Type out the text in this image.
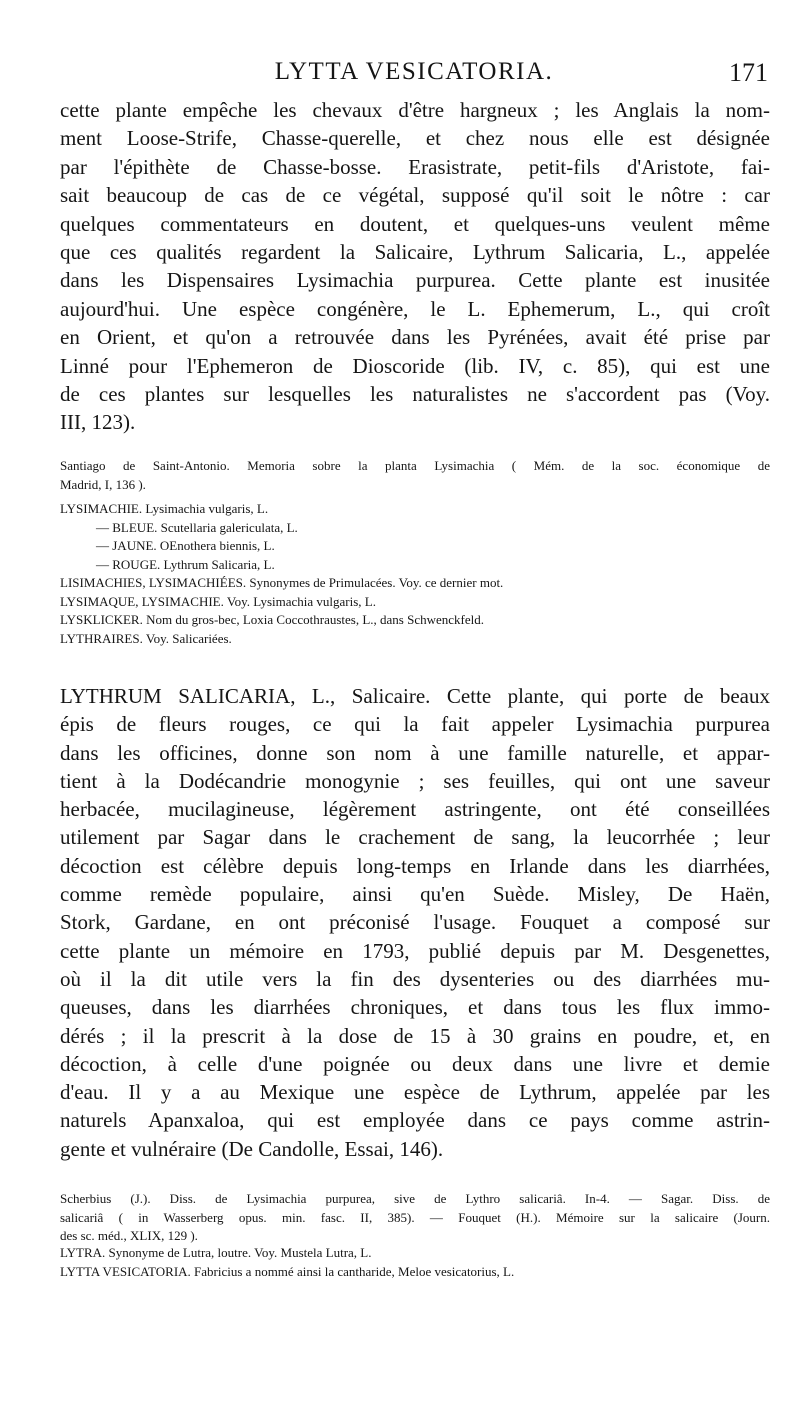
LYTTA VESICATORIA.	171
cette plante empêche les chevaux d'être hargneux ; les Anglais la nom-
ment Loose-Strife, Chasse-querelle, et chez nous elle est désignée
par l'épithète de Chasse-bosse. Erasistrate, petit-fils d'Aristote, fai-
sait beaucoup de cas de ce végétal, supposé qu'il soit le nôtre : car
quelques commentateurs en doutent, et quelques-uns veulent même
que ces qualités regardent la Salicaire, Lythrum Salicaria, L., appelée
dans les Dispensaires Lysimachia purpurea. Cette plante est inusitée
aujourd'hui. Une espèce congénère, le L. Ephemerum, L., qui croît
en Orient, et qu'on a retrouvée dans les Pyrénées, avait été prise par
Linné pour l'Ephemeron de Dioscoride (lib. IV, c. 85), qui est une
de ces plantes sur lesquelles les naturalistes ne s'accordent pas (Voy.
III, 123).
Santiago de Saint-Antonio. Memoria sobre la planta Lysimachia ( Mém. de la soc. économique de
Madrid, I, 136 ).
LYSIMACHIE. Lysimachia vulgaris, L.
— BLEUE. Scutellaria galericulata, L.
— JAUNE. OEnothera biennis, L.
— ROUGE. Lythrum Salicaria, L.
LISIMACHIES, LYSIMACHIÉES. Synonymes de Primulacées. Voy. ce dernier mot.
LYSIMAQUE, LYSIMACHIE. Voy. Lysimachia vulgaris, L.
LYSKLICKER. Nom du gros-bec, Loxia Coccothraustes, L., dans Schwenckfeld.
LYTHRAIRES. Voy. Salicariées.
LYTHRUM SALICARIA, L., Salicaire. Cette plante, qui porte de beaux
épis de fleurs rouges, ce qui la fait appeler Lysimachia purpurea
dans les officines, donne son nom à une famille naturelle, et appar-
tient à la Dodécandrie monogynie ; ses feuilles, qui ont une saveur
herbacée, mucilagineuse, légèrement astringente, ont été conseillées
utilement par Sagar dans le crachement de sang, la leucorrhée ; leur
décoction est célèbre depuis long-temps en Irlande dans les diarrhées,
comme remède populaire, ainsi qu'en Suède. Misley, De Haën,
Stork, Gardane, en ont préconisé l'usage. Fouquet a composé sur
cette plante un mémoire en 1793, publié depuis par M. Desgenettes,
où il la dit utile vers la fin des dysenteries ou des diarrhées mu-
queuses, dans les diarrhées chroniques, et dans tous les flux immo-
dérés ; il la prescrit à la dose de 15 à 30 grains en poudre, et, en
décoction, à celle d'une poignée ou deux dans une livre et demie
d'eau. Il y a au Mexique une espèce de Lythrum, appelée par les
naturels Apanxaloa, qui est employée dans ce pays comme astrin-
gente et vulnéraire (De Candolle, Essai, 146).
Scherbius (J.). Diss. de Lysimachia purpurea, sive de Lythro salicariâ. In-4. — Sagar. Diss. de
salicariâ ( in Wasserberg opus. min. fasc. II, 385). — Fouquet (H.). Mémoire sur la salicaire (Journ.
des sc. méd., XLIX, 129 ).
LYTRA. Synonyme de Lutra, loutre. Voy. Mustela Lutra, L.
LYTTA VESICATORIA. Fabricius a nommé ainsi la cantharide, Meloe vesicatorius, L.
